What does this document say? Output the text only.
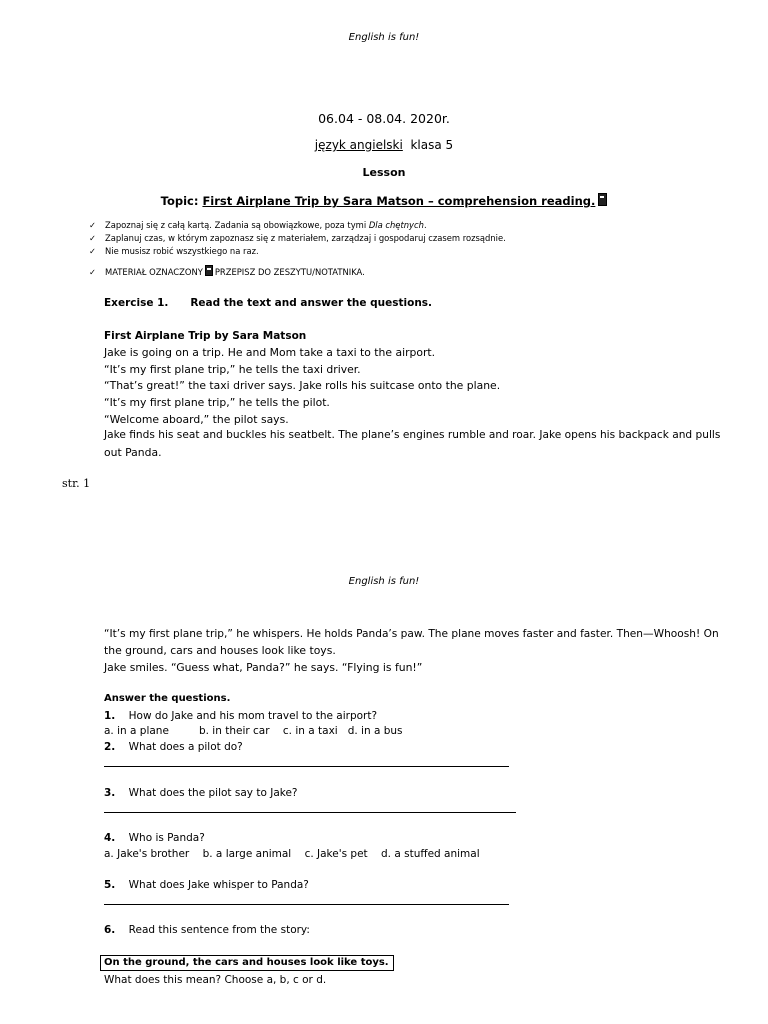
English is fun!
06.04 - 08.04. 2020r.
język angielski klasa 5
Lesson
Topic: First Airplane Trip by Sara Matson – comprehension reading.
✓ Zapoznaj się z całą kartą. Zadania są obowiązkowe, poza tymi Dla chętnych.
✓ Zaplanuj czas, w którym zapoznasz się z materiałem, zarządzaj i gospodaruj czasem rozsądnie.
✓ Nie musisz robić wszystkiego na raz.
✓ MATERIAŁ OZNACZONY PRZEPISZ DO ZESZYTU/NOTATNIKA.
Exercise 1. Read the text and answer the questions.
First Airplane Trip by Sara Matson
Jake is going on a trip. He and Mom take a taxi to the airport.
“It’s my first plane trip,” he tells the taxi driver.
“That’s great!” the taxi driver says. Jake rolls his suitcase onto the plane.
“It’s my first plane trip,” he tells the pilot.
“Welcome aboard,” the pilot says.
Jake finds his seat and buckles his seatbelt. The plane’s engines rumble and roar. Jake opens his backpack and pulls
out Panda.
str. 1
English is fun!
“It’s my first plane trip,” he whispers. He holds Panda’s paw. The plane moves faster and faster. Then—Whoosh! On
the ground, cars and houses look like toys.
Jake smiles. “Guess what, Panda?” he says. “Flying is fun!”
Answer the questions.
1. How do Jake and his mom travel to the airport?
a. in a plane         b. in their car    c. in a taxi   d. in a bus
2. What does a pilot do?
3. What does the pilot say to Jake?
4. Who is Panda?
a. Jake's brother    b. a large animal    c. Jake's pet    d. a stuffed animal
5. What does Jake whisper to Panda?
6. Read this sentence from the story:
On the ground, the cars and houses look like toys.
What does this mean? Choose a, b, c or d.
